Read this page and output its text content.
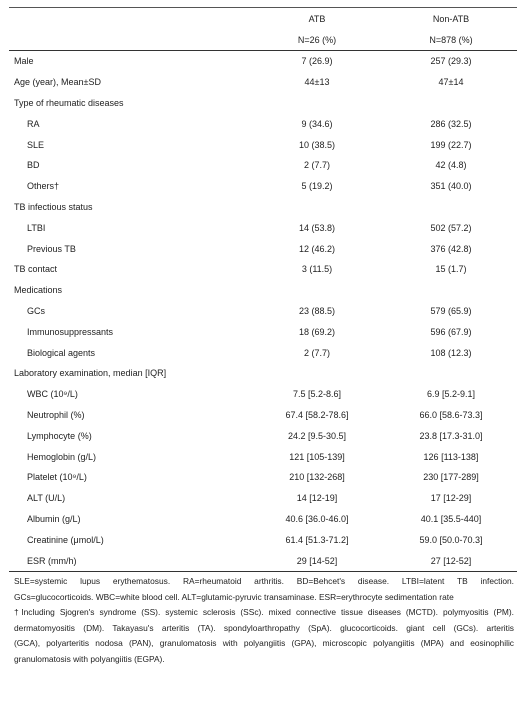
	ATB	Non-ATB
	N=26 (%)	N=878 (%)
Male	7 (26.9)	257 (29.3)
Age (year), Mean±SD	44±13	47±14
Type of rheumatic diseases		
RA	9 (34.6)	286 (32.5)
SLE	10 (38.5)	199 (22.7)
BD	2 (7.7)	42 (4.8)
Others†	5 (19.2)	351 (40.0)
TB infectious status		
LTBI	14 (53.8)	502 (57.2)
Previous TB	12 (46.2)	376 (42.8)
TB contact	3 (11.5)	15 (1.7)
Medications		
GCs	23 (88.5)	579 (65.9)
Immunosuppressants	18 (69.2)	596 (67.9)
Biological agents	2 (7.7)	108 (12.3)
Laboratory examination, median [IQR]		
WBC (10⁹/L)	7.5 [5.2-8.6]	6.9 [5.2-9.1]
Neutrophil (%)	67.4 [58.2-78.6]	66.0 [58.6-73.3]
Lymphocyte (%)	24.2 [9.5-30.5]	23.8 [17.3-31.0]
Hemoglobin (g/L)	121 [105-139]	126 [113-138]
Platelet (10⁹/L)	210 [132-268]	230 [177-289]
ALT (U/L)	14 [12-19]	17 [12-29]
Albumin (g/L)	40.6 [36.0-46.0]	40.1 [35.5-440]
Creatinine (μmol/L)	61.4 [51.3-71.2]	59.0 [50.0-70.3]
ESR (mm/h)	29 [14-52]	27 [12-52]

SLE=systemic lupus erythematosus. RA=rheumatoid arthritis. BD=Behcet's disease. LTBI=latent TB infection.

GCs=glucocorticoids. WBC=white blood cell. ALT=glutamic-pyruvic transaminase. ESR=erythrocyte sedimentation rate

†Including Sjogren's syndrome (SS). systemic sclerosis (SSc). mixed connective tissue diseases (MCTD). polymyositis (PM).

dermatomyositis (DM). Takayasu's arteritis (TA). spondyloarthropathy (SpA). glucocorticoids. giant cell (GCs). arteritis

(GCA), polyarteritis nodosa (PAN), granulomatosis with polyangiitis (GPA), microscopic polyangiitis (MPA) and eosinophilic

granulomatosis with polyangiitis (EGPA).
